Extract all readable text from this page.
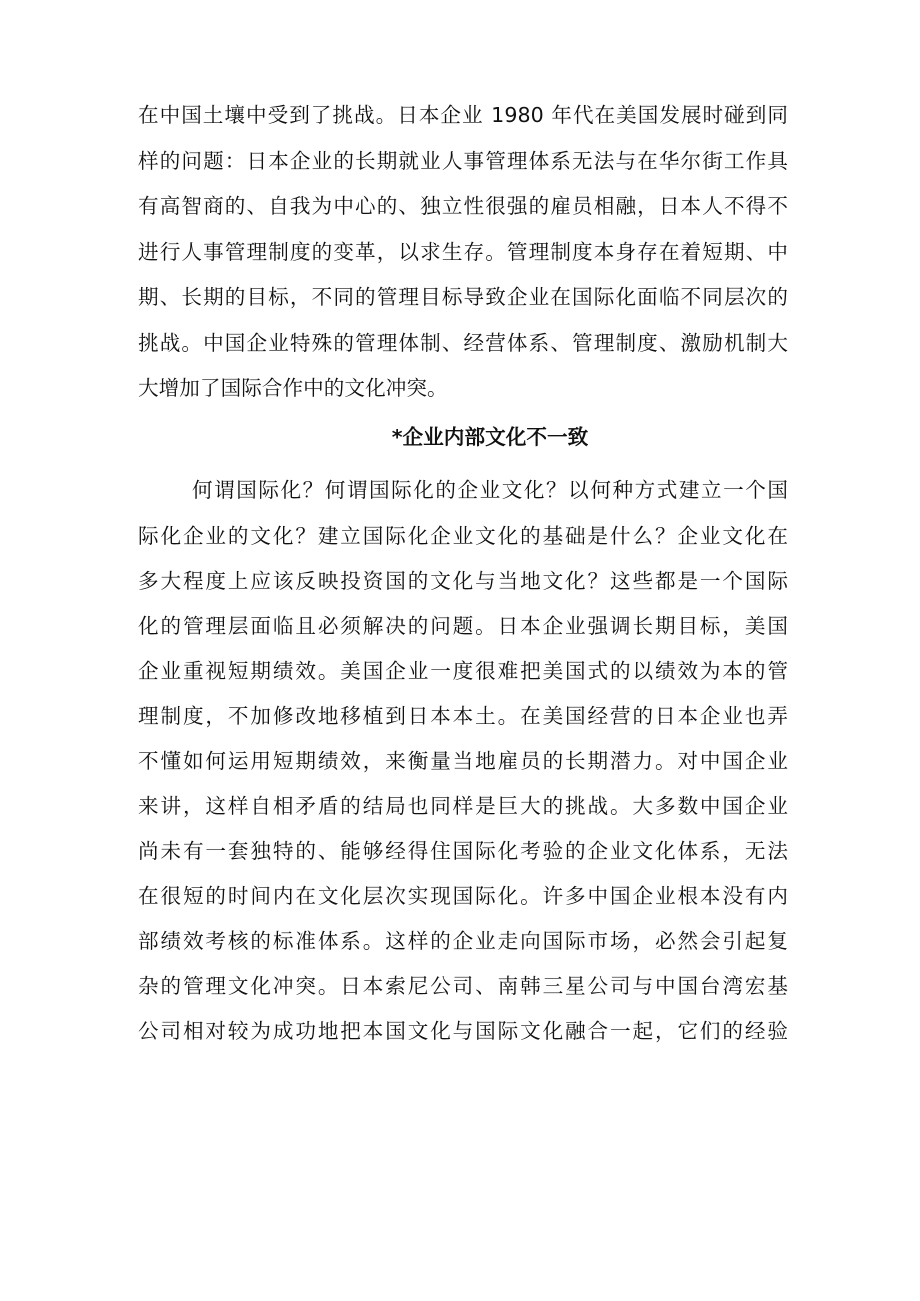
在中国土壤中受到了挑战。日本企业 1980 年代在美国发展时碰到同
样的问题：日本企业的长期就业人事管理体系无法与在华尔街工作具
有高智商的、自我为中心的、独立性很强的雇员相融，日本人不得不
进行人事管理制度的变革，以求生存。管理制度本身存在着短期、中
期、长期的目标，不同的管理目标导致企业在国际化面临不同层次的
挑战。中国企业特殊的管理体制、经营体系、管理制度、激励机制大
大增加了国际合作中的文化冲突。
*企业内部文化不一致
何谓国际化？何谓国际化的企业文化？以何种方式建立一个国
际化企业的文化？建立国际化企业文化的基础是什么？企业文化在
多大程度上应该反映投资国的文化与当地文化？这些都是一个国际
化的管理层面临且必须解决的问题。日本企业强调长期目标，美国
企业重视短期绩效。美国企业一度很难把美国式的以绩效为本的管
理制度，不加修改地移植到日本本土。在美国经营的日本企业也弄
不懂如何运用短期绩效，来衡量当地雇员的长期潜力。对中国企业
来讲，这样自相矛盾的结局也同样是巨大的挑战。大多数中国企业
尚未有一套独特的、能够经得住国际化考验的企业文化体系，无法
在很短的时间内在文化层次实现国际化。许多中国企业根本没有内
部绩效考核的标准体系。这样的企业走向国际市场，必然会引起复
杂的管理文化冲突。日本索尼公司、南韩三星公司与中国台湾宏基
公司相对较为成功地把本国文化与国际文化融合一起，它们的经验
